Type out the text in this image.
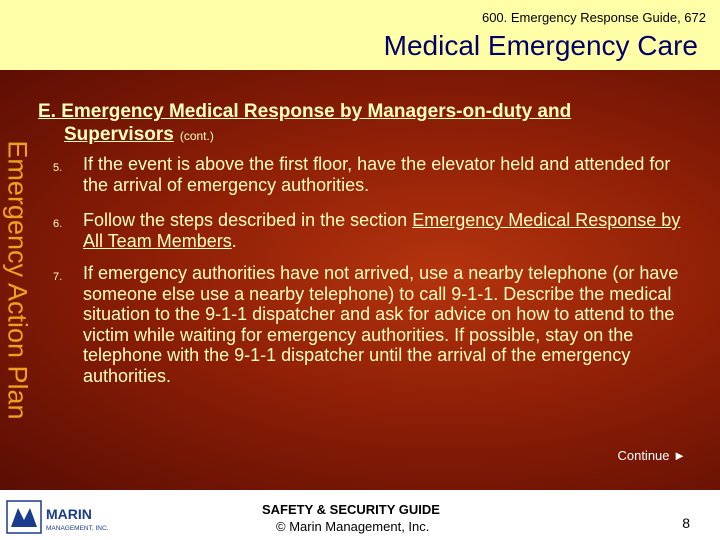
600. Emergency Response Guide, 672
Medical Emergency Care
Emergency Action Plan
E. Emergency Medical Response by Managers-on-duty and
Supervisors (cont.)
5. If the event is above the first floor, have the elevator held and attended for the arrival of emergency authorities.
6. Follow the steps described in the section Emergency Medical Response by All Team Members.
7. If emergency authorities have not arrived, use a nearby telephone (or have someone else use a nearby telephone) to call 9-1-1. Describe the medical situation to the 9-1-1 dispatcher and ask for advice on how to attend to the victim while waiting for emergency authorities. If possible, stay on the telephone with the 9-1-1 dispatcher until the arrival of the emergency authorities.
Continue ►
MARIN
MANAGEMENT, INC.
SAFETY & SECURITY GUIDE
© Marin Management, Inc.	8
